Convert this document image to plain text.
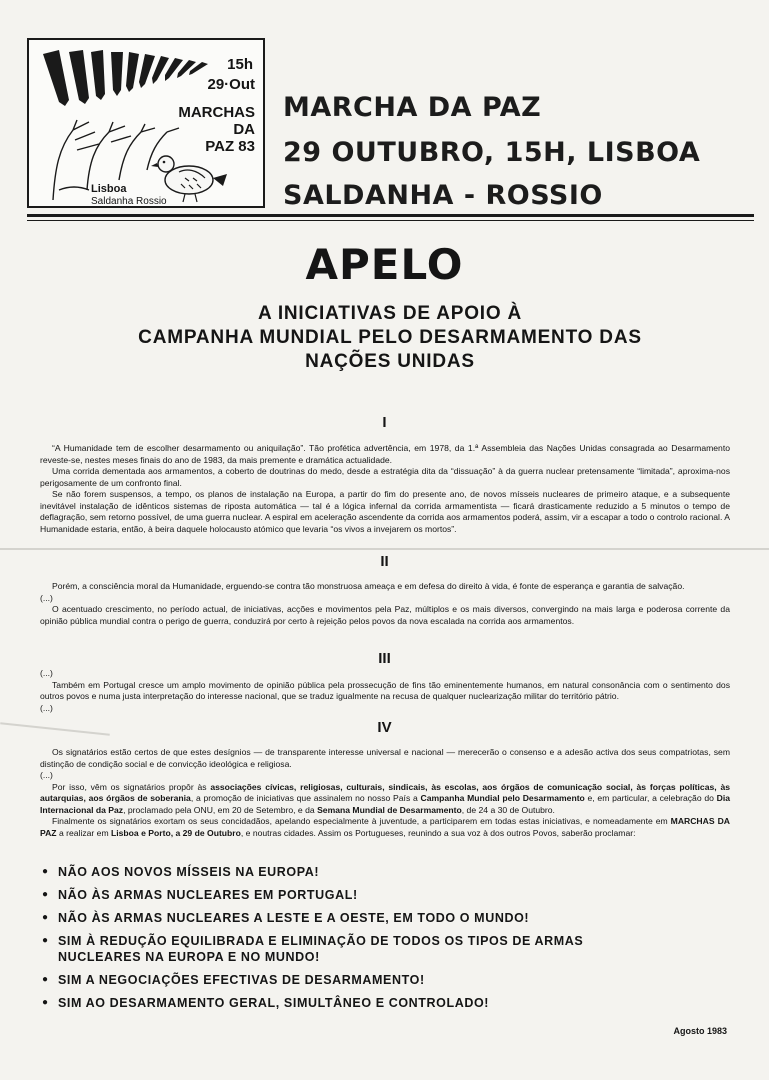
15h
29·Out
MARCHAS
DA
PAZ 83
Lisboa
Saldanha Rossio
MARCHA DA PAZ
29 OUTUBRO, 15H, LISBOA
SALDANHA - ROSSIO
APELO
A INICIATIVAS DE APOIO À
CAMPANHA MUNDIAL PELO DESARMAMENTO DAS
NAÇÕES UNIDAS
I

“A Humanidade tem de escolher desarmamento ou aniquilação”. Tão profética advertência, em 1978, da 1.ª Assembleia das Nações Unidas consagrada ao Desarmamento reveste-se, nestes meses finais do ano de 1983, da mais premente e dramática actualidade.

Uma corrida dementada aos armamentos, a coberto de doutrinas do medo, desde a estratégia dita da “dissuação” à da guerra nuclear pretensamente “limitada”, aproxima-nos perigosamente de um confronto final.

Se não forem suspensos, a tempo, os planos de instalação na Europa, a partir do fim do presente ano, de novos mísseis nucleares de primeiro ataque, e a subsequente inevitável instalação de idênticos sistemas de riposta automática — tal é a lógica infernal da corrida armamentista — ficará drasticamente reduzido a 5 minutos o tempo de deflagração, sem retorno possível, de uma guerra nuclear. A espiral em aceleração ascendente da corrida aos armamentos poderá, assim, vir a escapar a todo o controlo racional. A Humanidade estaria, então, à beira daquele holocausto atómico que levaria “os vivos a invejarem os mortos”.

II

Porém, a consciência moral da Humanidade, erguendo-se contra tão monstruosa ameaça e em defesa do direito à vida, é fonte de esperança e garantia de salvação.

(...)

O acentuado crescimento, no período actual, de iniciativas, acções e movimentos pela Paz, múltiplos e os mais diversos, convergindo na mais larga e poderosa corrente da opinião pública mundial contra o perigo de guerra, conduzirá por certo à rejeição pelos povos da nova escalada na corrida aos armamentos.

III

(...)

Também em Portugal cresce um amplo movimento de opinião pública pela prossecução de fins tão eminentemente humanos, em natural consonância com o sentimento dos outros povos e numa justa interpretação do interesse nacional, que se traduz igualmente na recusa de qualquer nuclearização militar do território pátrio.

(...)

IV

Os signatários estão certos de que estes desígnios — de transparente interesse universal e nacional — merecerão o consenso e a adesão activa dos seus compatriotas, sem distinção de condição social e de convicção ideológica e religiosa.

(...)

Por isso, vêm os signatários propôr às associações cívicas, religiosas, culturais, sindicais, às escolas, aos órgãos de comunicação social, às forças políticas, às autarquias, aos órgãos de soberania, a promoção de iniciativas que assinalem no nosso País a Campanha Mundial pelo Desarmamento e, em particular, a celebração do Dia Internacional da Paz, proclamado pela ONU, em 20 de Setembro, e da Semana Mundial de Desarmamento, de 24 a 30 de Outubro.

Finalmente os signatários exortam os seus concidadãos, apelando especialmente à juventude, a participarem em todas estas iniciativas, e nomeadamente em MARCHAS DA PAZ a realizar em Lisboa e Porto, a 29 de Outubro, e noutras cidades. Assim os Portugueses, reunindo a sua voz à dos outros Povos, saberão proclamar:

● NÃO AOS NOVOS MÍSSEIS NA EUROPA!
● NÃO ÀS ARMAS NUCLEARES EM PORTUGAL!
● NÃO ÀS ARMAS NUCLEARES A LESTE E A OESTE, EM TODO O MUNDO!
● SIM À REDUÇÃO EQUILIBRADA E ELIMINAÇÃO DE TODOS OS TIPOS DE ARMAS NUCLEARES NA EUROPA E NO MUNDO!
● SIM A NEGOCIAÇÕES EFECTIVAS DE DESARMAMENTO!
● SIM AO DESARMAMENTO GERAL, SIMULTÂNEO E CONTROLADO!
Agosto 1983
